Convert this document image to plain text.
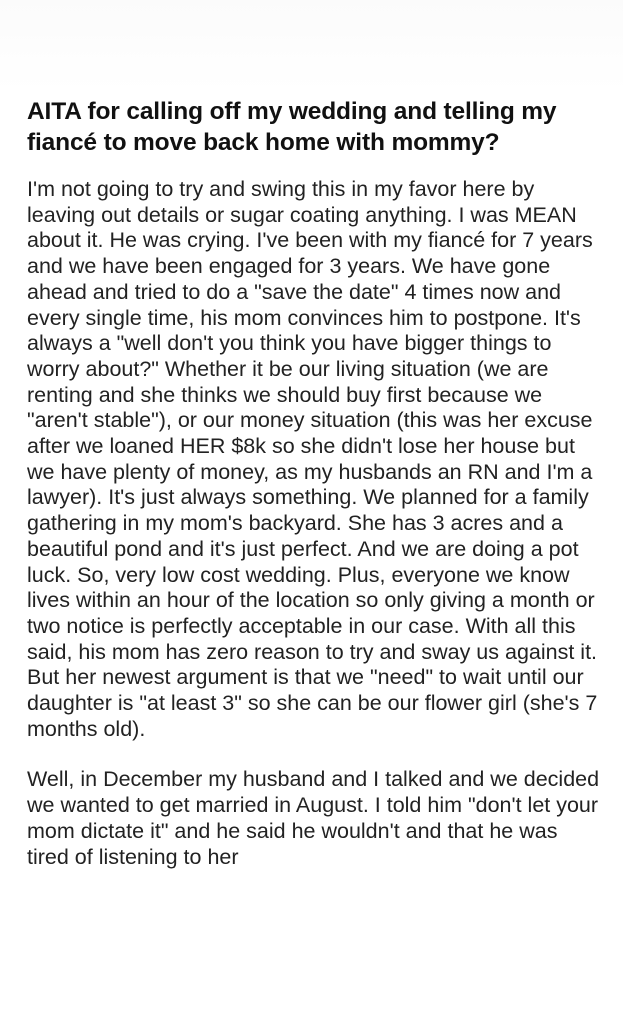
AITA for calling off my wedding and telling my fiancé to move back home with mommy?

I'm not going to try and swing this in my favor here by leaving out details or sugar coating anything. I was MEAN about it. He was crying. I've been with my fiancé for 7 years and we have been engaged for 3 years. We have gone ahead and tried to do a "save the date" 4 times now and every single time, his mom convinces him to postpone. It's always a "well don't you think you have bigger things to worry about?" Whether it be our living situation (we are renting and she thinks we should buy first because we "aren't stable"), or our money situation (this was her excuse after we loaned HER $8k so she didn't lose her house but we have plenty of money, as my husbands an RN and I'm a lawyer). It's just always something. We planned for a family gathering in my mom's backyard. She has 3 acres and a beautiful pond and it's just perfect. And we are doing a pot luck. So, very low cost wedding. Plus, everyone we know lives within an hour of the location so only giving a month or two notice is perfectly acceptable in our case. With all this said, his mom has zero reason to try and sway us against it. But her newest argument is that we "need" to wait until our daughter is "at least 3" so she can be our flower girl (she's 7 months old).

Well, in December my husband and I talked and we decided we wanted to get married in August. I told him "don't let your mom dictate it" and he said he wouldn't and that he was tired of listening to her
